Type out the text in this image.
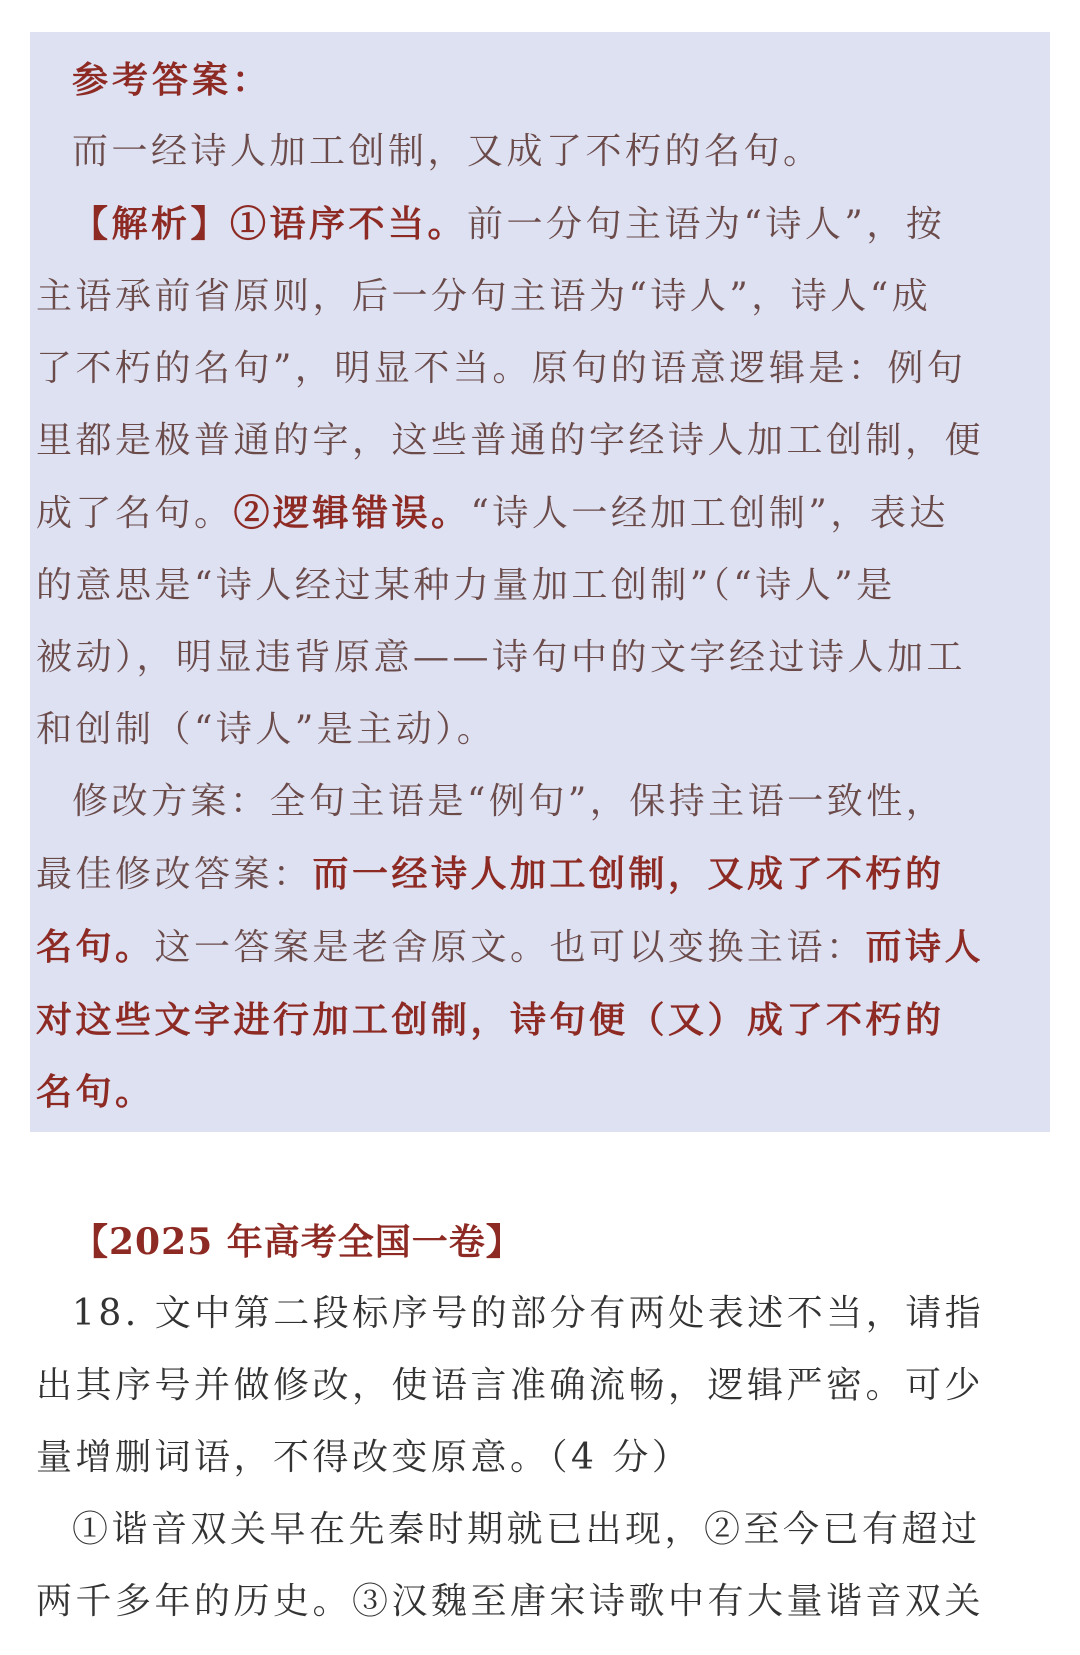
参考答案：

而一经诗人加工创制，又成了不朽的名句。

【解析】①语序不当。前一分句主语为“诗人”，按

主语承前省原则，后一分句主语为“诗人”，诗人“成

了不朽的名句”，明显不当。原句的语意逻辑是：例句

里都是极普通的字，这些普通的字经诗人加工创制，便

成了名句。②逻辑错误。“诗人一经加工创制”，表达

的意思是“诗人经过某种力量加工创制”（“诗人”是

被动），明显违背原意——诗句中的文字经过诗人加工

和创制（“诗人”是主动）。

修改方案：全句主语是“例句”，保持主语一致性，

最佳修改答案：而一经诗人加工创制，又成了不朽的

名句。这一答案是老舍原文。也可以变换主语：而诗人

对这些文字进行加工创制，诗句便（又）成了不朽的

名句。

【2025 年高考全国一卷】

18. 文中第二段标序号的部分有两处表述不当，请指

出其序号并做修改，使语言准确流畅，逻辑严密。可少

量增删词语，不得改变原意。（4 分）

①谐音双关早在先秦时期就已出现，②至今已有超过

两千多年的历史。③汉魏至唐宋诗歌中有大量谐音双关
